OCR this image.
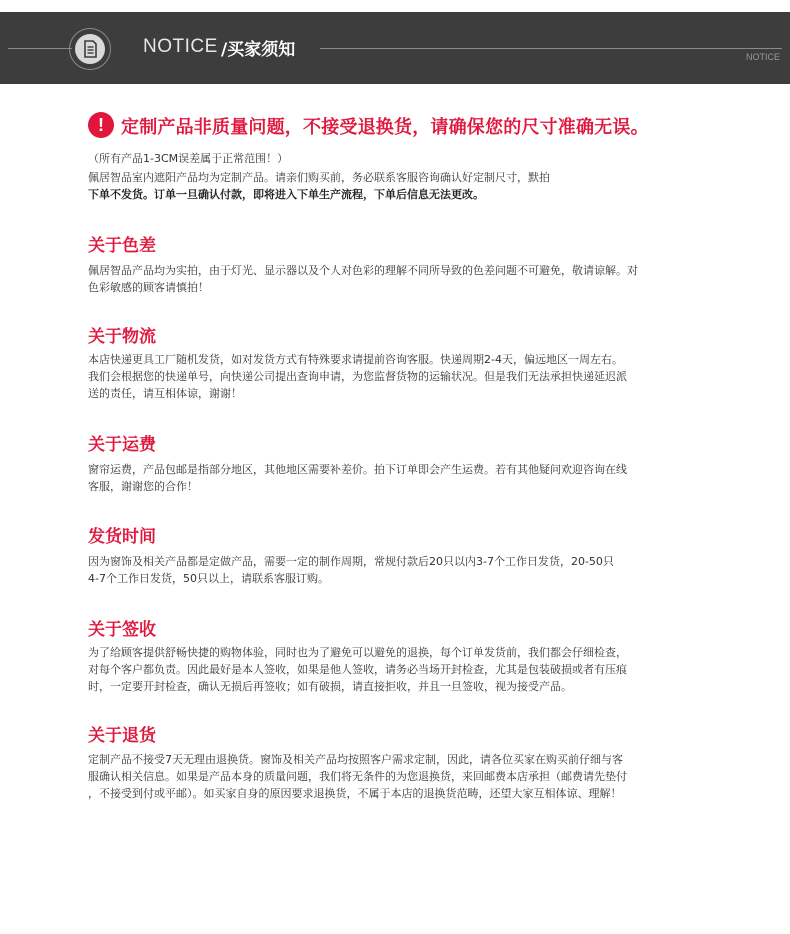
NOTICE /买家须知	NOTICE
! 定制产品非质量问题，不接受退换货，请确保您的尺寸准确无误。

（所有产品1-3CM误差属于正常范围！）

佩居智品室内遮阳产品均为定制产品。请亲们购买前，务必联系客服咨询确认好定制尺寸，默拍

下单不发货。订单一旦确认付款，即将进入下单生产流程，下单后信息无法更改。

关于色差

佩居智品产品均为实拍，由于灯光、显示器以及个人对色彩的理解不同所导致的色差问题不可避免，敬请谅解。对

色彩敏感的顾客请慎拍！

关于物流

本店快递更具工厂随机发货，如对发货方式有特殊要求请提前咨询客服。快递周期2-4天，偏远地区一周左右。

我们会根据您的快递单号，向快递公司提出查询申请，为您监督货物的运输状况。但是我们无法承担快递延迟派

送的责任，请互相体谅，谢谢！

关于运费

窗帘运费，产品包邮是指部分地区，其他地区需要补差价。拍下订单即会产生运费。若有其他疑问欢迎咨询在线

客服，谢谢您的合作！

发货时间

因为窗饰及相关产品都是定做产品，需要一定的制作周期，常规付款后20只以内3-7个工作日发货，20-50只

4-7个工作日发货，50只以上，请联系客服订购。

关于签收

为了给顾客提供舒畅快捷的购物体验，同时也为了避免可以避免的退换，每个订单发货前，我们都会仔细检查，

对每个客户都负责。因此最好是本人签收，如果是他人签收，请务必当场开封检查，尤其是包装破损或者有压痕

时，一定要开封检查，确认无损后再签收；如有破损，请直接拒收，并且一旦签收，视为接受产品。

关于退货

定制产品不接受7天无理由退换货。窗饰及相关产品均按照客户需求定制，因此，请各位买家在购买前仔细与客

服确认相关信息。如果是产品本身的质量问题，我们将无条件的为您退换货，来回邮费本店承担（邮费请先垫付

，不接受到付或平邮）。如买家自身的原因要求退换货，不属于本店的退换货范畴，还望大家互相体谅、理解！
